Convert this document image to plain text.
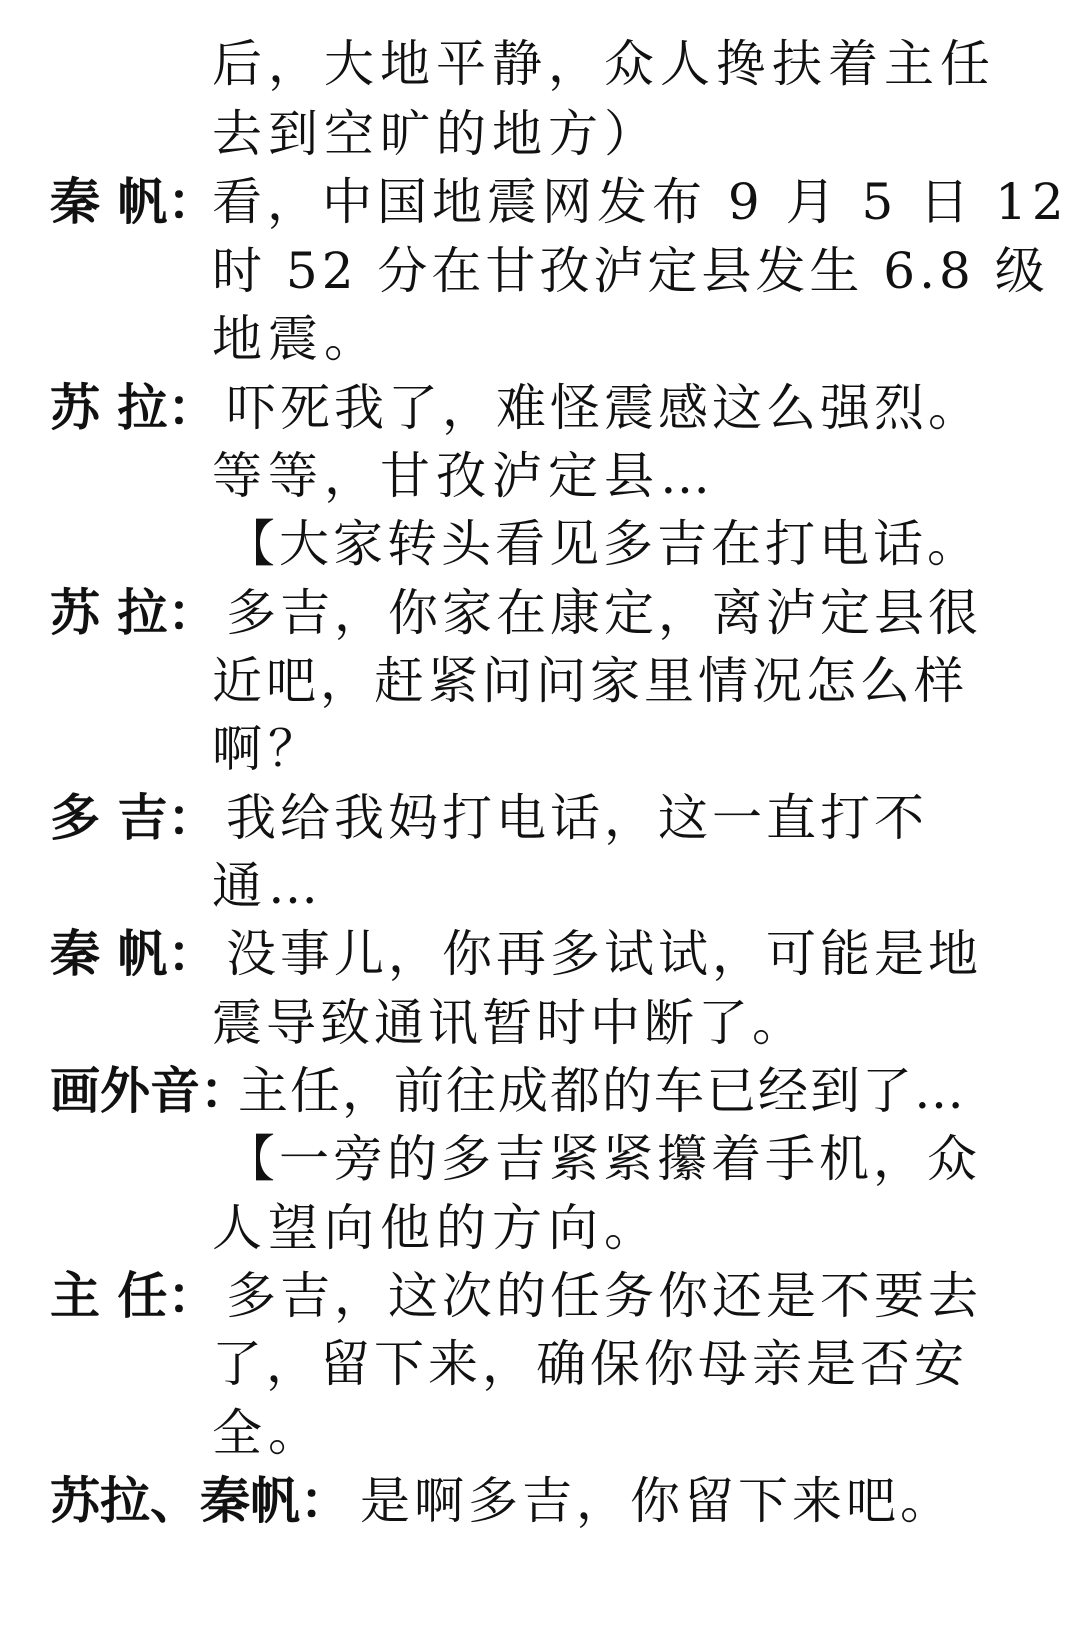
后，大地平静，众人搀扶着主任
去到空旷的地方）
秦 帆：
看，中国地震网发布 9 月 5 日 12
时 52 分在甘孜泸定县发生 6.8 级
地震。
苏 拉： 吓死我了，难怪震感这么强烈。
等等，甘孜泸定县…
【大家转头看见多吉在打电话。
苏 拉： 多吉，你家在康定，离泸定县很
近吧，赶紧问问家里情况怎么样
啊？
多 吉： 我给我妈打电话，这一直打不
通…
秦 帆： 没事儿，你再多试试，可能是地
震导致通讯暂时中断了。
画外音：
主任，前往成都的车已经到了…
【一旁的多吉紧紧攥着手机，众
人望向他的方向。
主 任： 多吉，这次的任务你还是不要去
了，留下来，确保你母亲是否安
全。
苏拉、秦帆： 是啊多吉，你留下来吧。
